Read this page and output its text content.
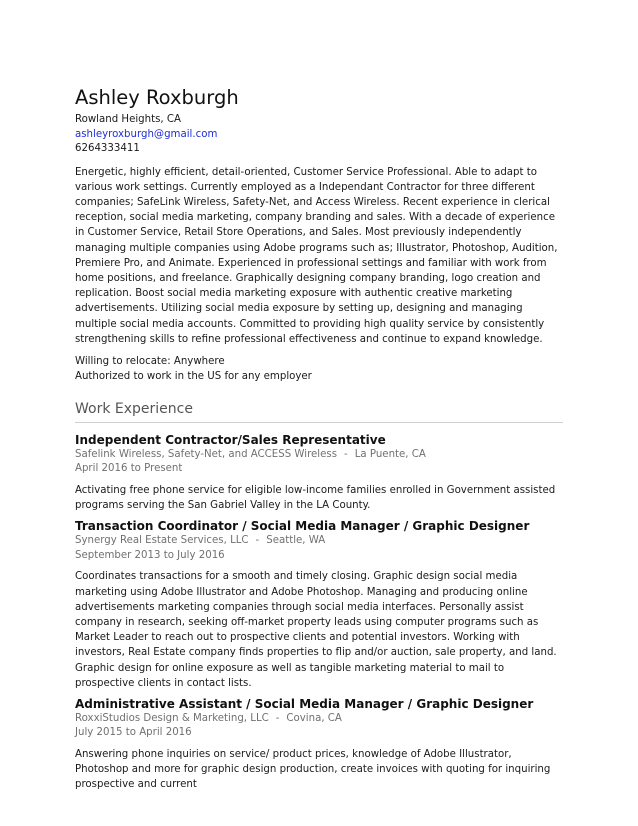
Ashley Roxburgh
Rowland Heights, CA
ashleyroxburgh@gmail.com
6264333411
Energetic, highly efficient, detail-oriented, Customer Service Professional. Able to adapt to various work settings. Currently employed as a Independant Contractor for three different companies; SafeLink Wireless, Safety-Net, and Access Wireless. Recent experience in clerical reception, social media marketing, company branding and sales. With a decade of experience in Customer Service, Retail Store Operations, and Sales. Most previously independently managing multiple companies using Adobe programs such as; Illustrator, Photoshop, Audition, Premiere Pro, and Animate. Experienced in professional settings and familiar with work from home positions, and freelance. Graphically designing company branding, logo creation and replication. Boost social media marketing exposure with authentic creative marketing advertisements. Utilizing social media exposure by setting up, designing and managing multiple social media accounts. Committed to providing high quality service by consistently strengthening skills to refine professional effectiveness and continue to expand knowledge.
Willing to relocate: Anywhere
Authorized to work in the US for any employer
Work Experience
Independent Contractor/Sales Representative
Safelink Wireless, Safety-Net, and ACCESS Wireless - La Puente, CA
April 2016 to Present
Activating free phone service for eligible low-income families enrolled in Government assisted programs serving the San Gabriel Valley in the LA County.
Transaction Coordinator / Social Media Manager / Graphic Designer
Synergy Real Estate Services, LLC - Seattle, WA
September 2013 to July 2016
Coordinates transactions for a smooth and timely closing. Graphic design social media marketing using Adobe Illustrator and Adobe Photoshop. Managing and producing online advertisements marketing companies through social media interfaces. Personally assist company in research, seeking off-market property leads using computer programs such as Market Leader to reach out to prospective clients and potential investors. Working with investors, Real Estate company finds properties to flip and/or auction, sale property, and land. Graphic design for online exposure as well as tangible marketing material to mail to prospective clients in contact lists.
Administrative Assistant / Social Media Manager / Graphic Designer
RoxxiStudios Design & Marketing, LLC - Covina, CA
July 2015 to April 2016
Answering phone inquiries on service/ product prices, knowledge of Adobe Illustrator, Photoshop and more for graphic design production, create invoices with quoting for inquiring prospective and current
